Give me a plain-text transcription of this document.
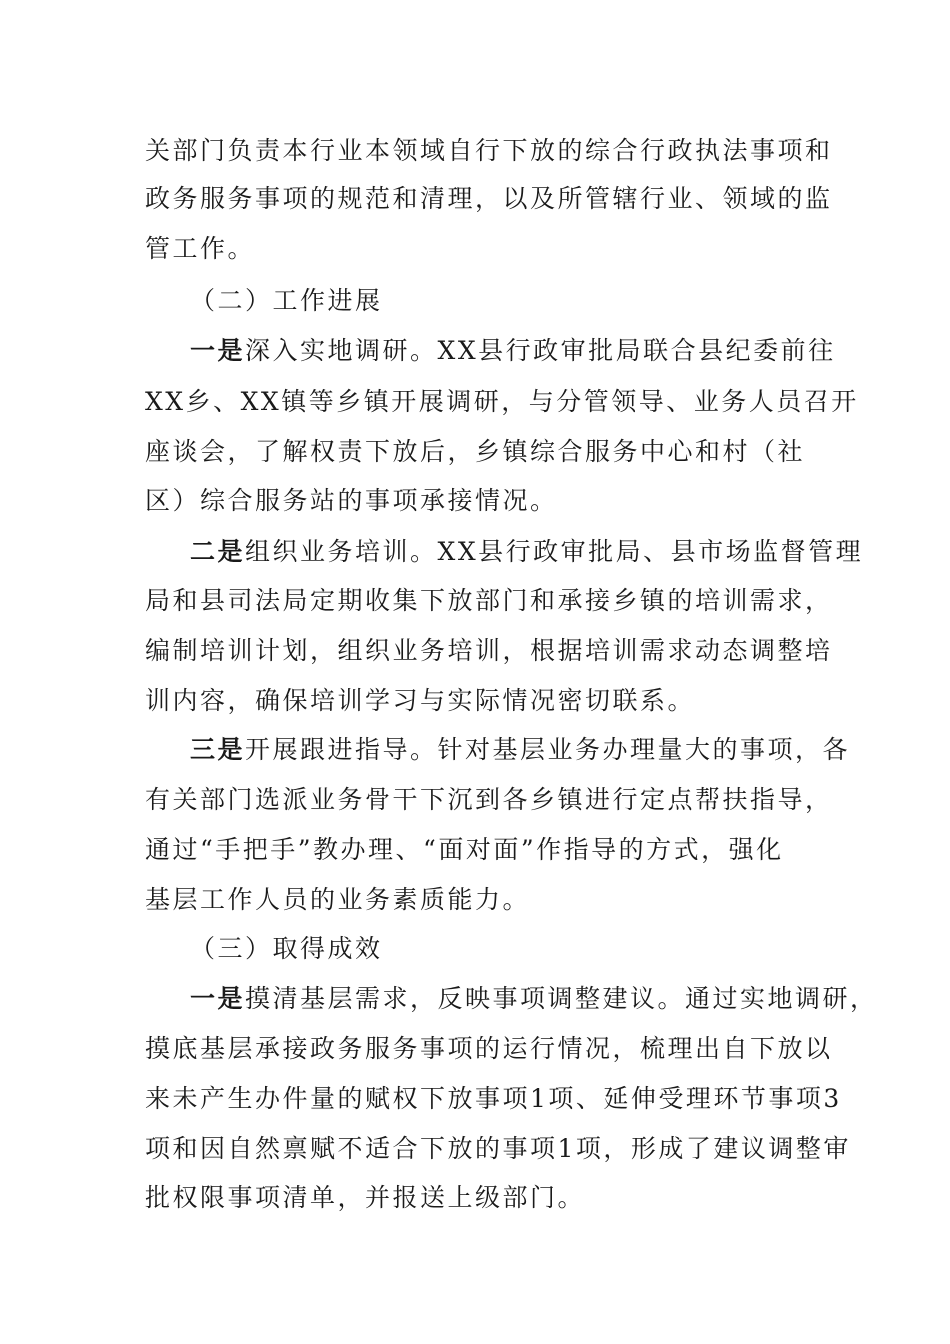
关部门负责本行业本领域自行下放的综合行政执法事项和
政务服务事项的规范和清理，以及所管辖行业、领域的监
管工作。
（二）工作进展
一是深入实地调研。XX县行政审批局联合县纪委前往
XX乡、XX镇等乡镇开展调研，与分管领导、业务人员召开
座谈会，了解权责下放后，乡镇综合服务中心和村（社
区）综合服务站的事项承接情况。
二是组织业务培训。XX县行政审批局、县市场监督管理
局和县司法局定期收集下放部门和承接乡镇的培训需求，
编制培训计划，组织业务培训，根据培训需求动态调整培
训内容，确保培训学习与实际情况密切联系。
三是开展跟进指导。针对基层业务办理量大的事项，各
有关部门选派业务骨干下沉到各乡镇进行定点帮扶指导，
通过“手把手”教办理、“面对面”作指导的方式，强化
基层工作人员的业务素质能力。
（三）取得成效
一是摸清基层需求，反映事项调整建议。通过实地调研，
摸底基层承接政务服务事项的运行情况，梳理出自下放以
来未产生办件量的赋权下放事项1项、延伸受理环节事项3
项和因自然禀赋不适合下放的事项1项，形成了建议调整审
批权限事项清单，并报送上级部门。
